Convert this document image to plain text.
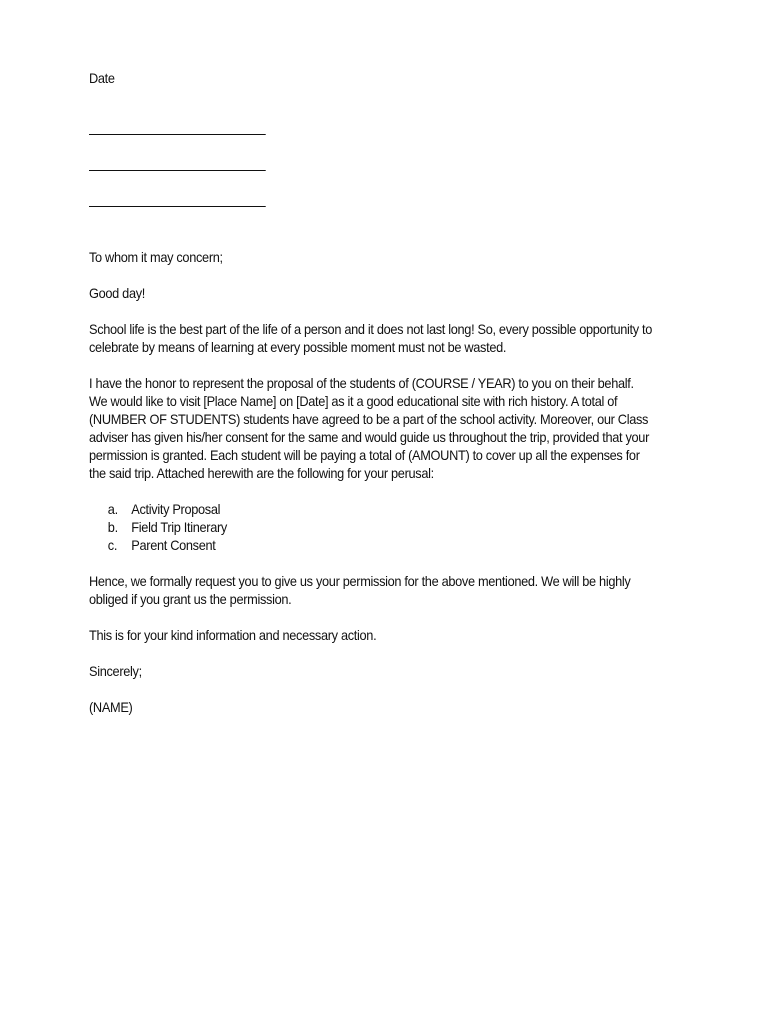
Date

To whom it may concern;

Good day!

School life is the best part of the life of a person and it does not last long! So, every possible opportunity to celebrate by means of learning at every possible moment must not be wasted.

I have the honor to represent the proposal of the students of (COURSE / YEAR) to you on their behalf. We would like to visit [Place Name] on [Date] as it a good educational site with rich history. A total of (NUMBER OF STUDENTS) students have agreed to be a part of the school activity. Moreover, our Class adviser has given his/her consent for the same and would guide us throughout the trip, provided that your permission is granted. Each student will be paying a total of (AMOUNT) to cover up all the expenses for the said trip. Attached herewith are the following for your perusal:

a. Activity Proposal
b. Field Trip Itinerary
c.	Parent Consent

Hence, we formally request you to give us your permission for the above mentioned. We will be highly obliged if you grant us the permission.

This is for your kind information and necessary action.

Sincerely;

(NAME)
